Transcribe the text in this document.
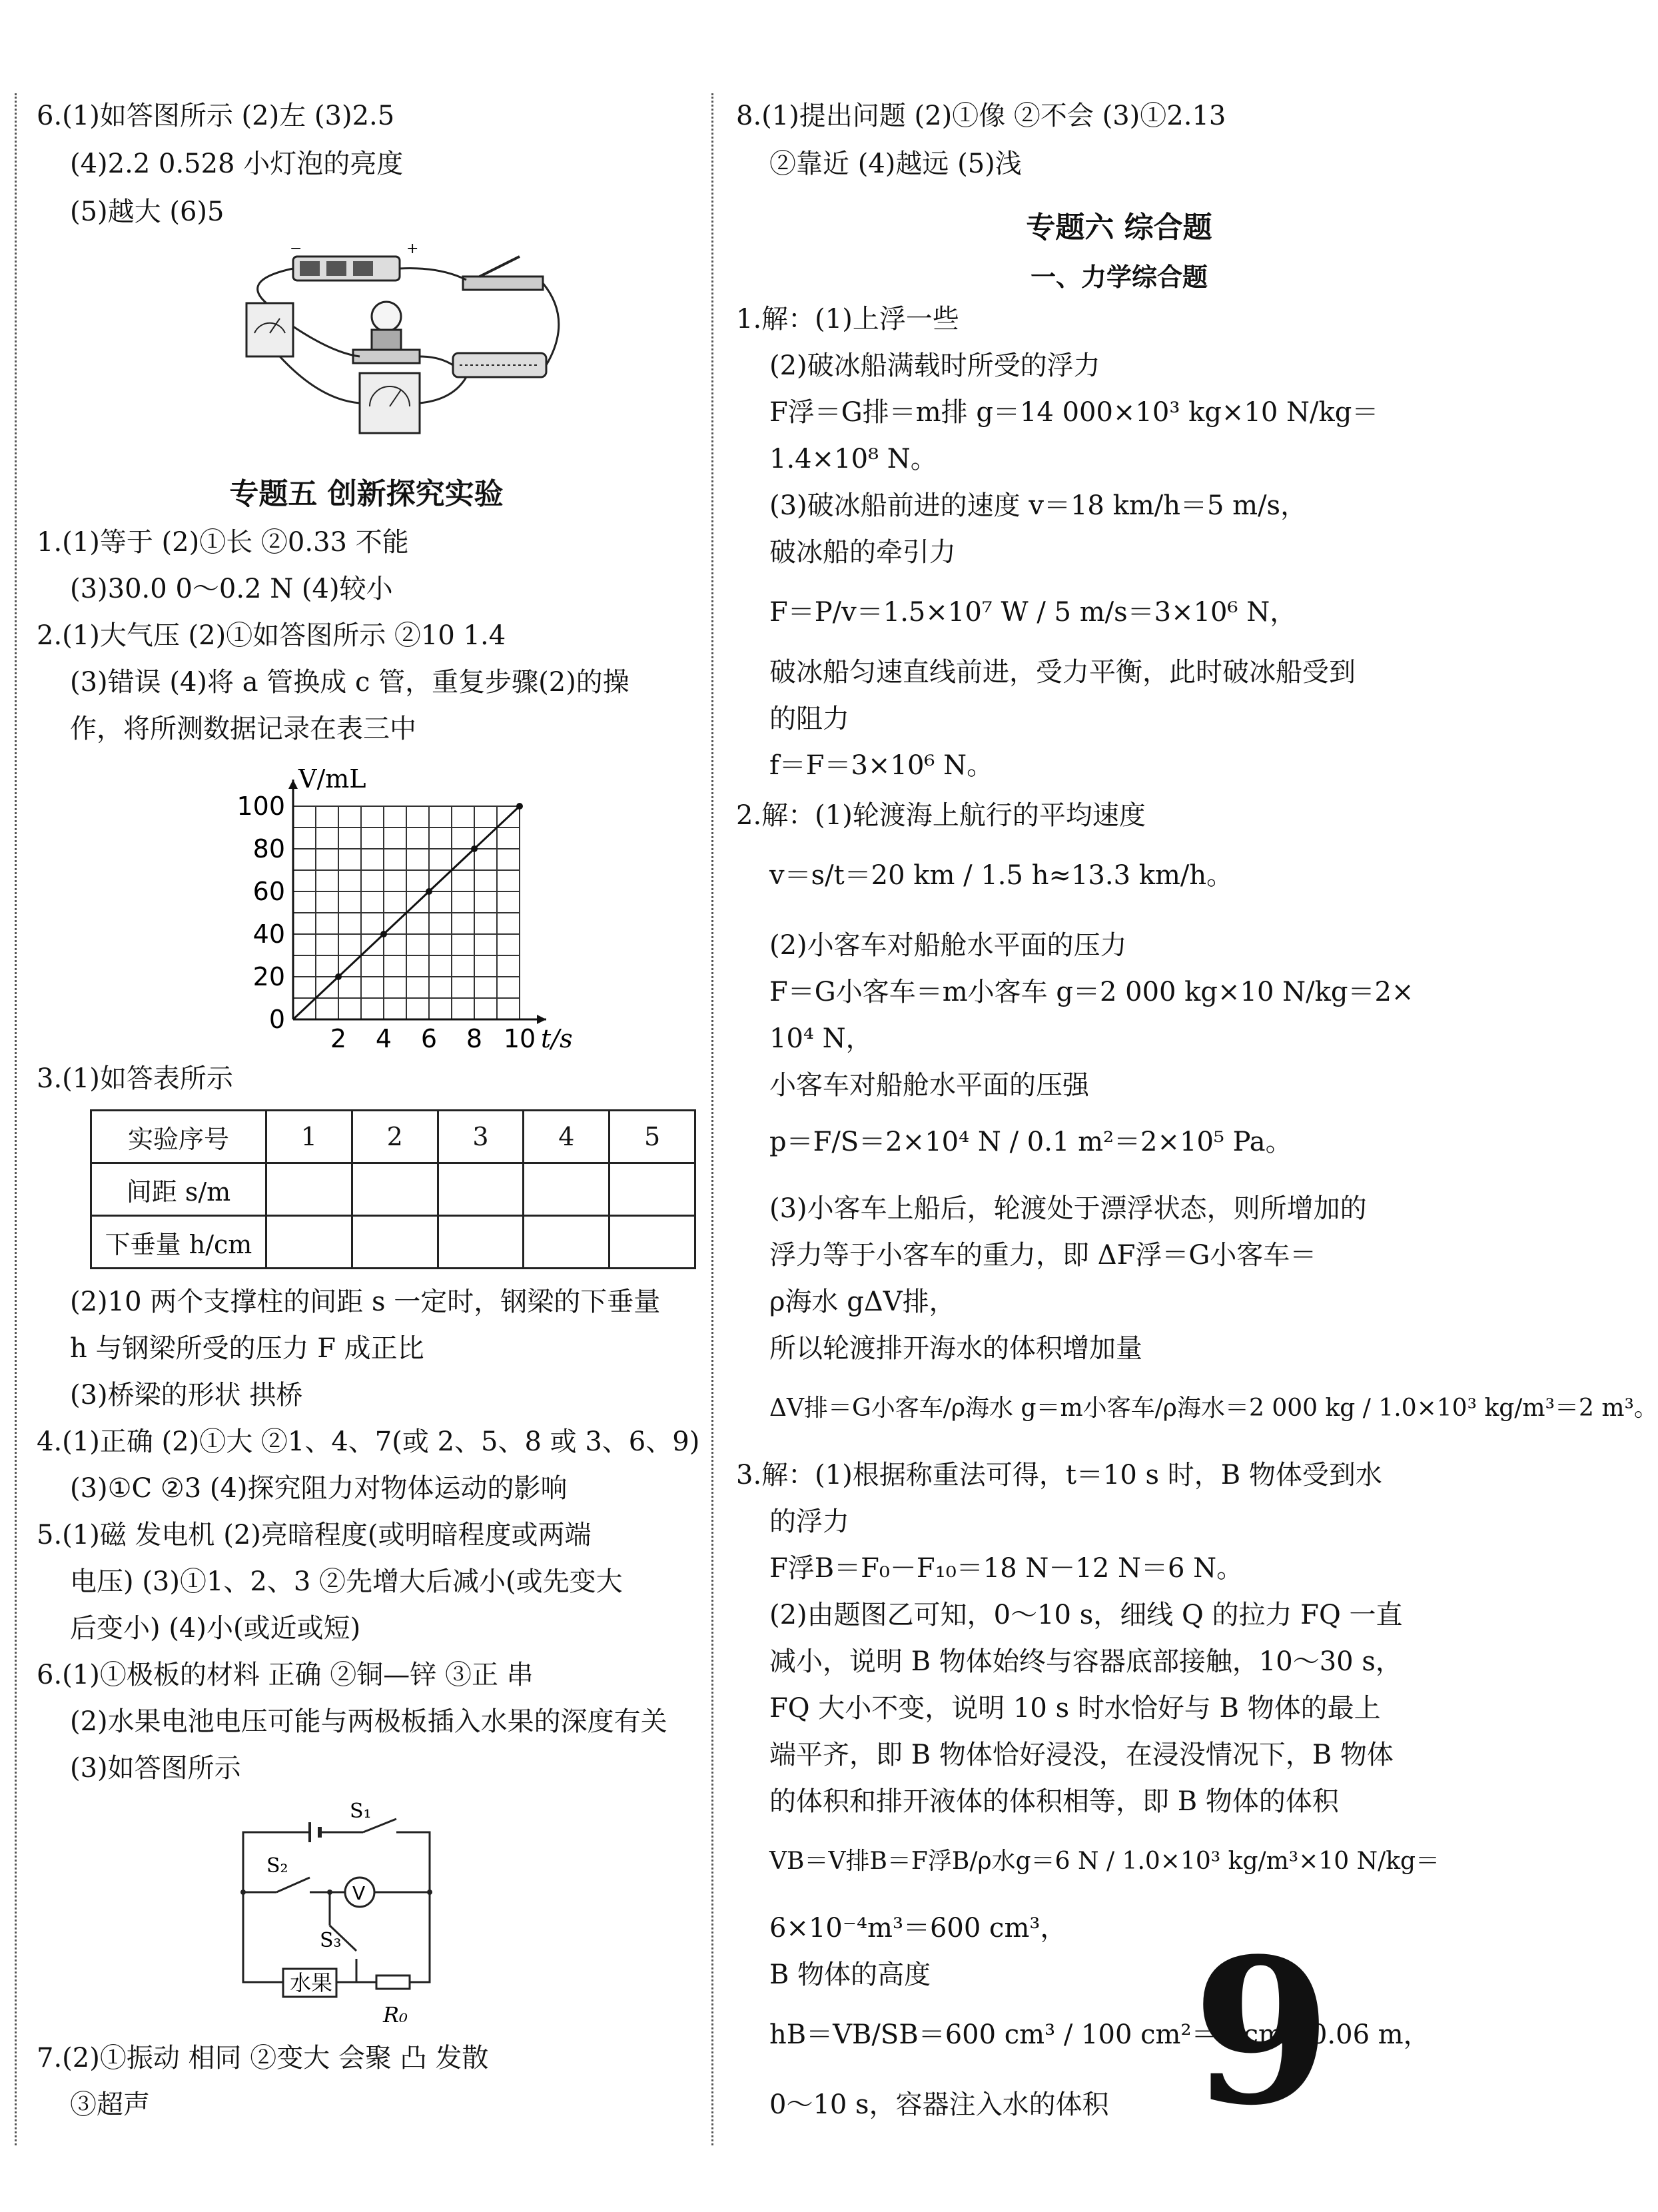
6.(1)如答图所示 (2)左 (3)2.5
(4)2.2 0.528 小灯泡的亮度
(5)越大 (6)5
−	+
专题五 创新探究实验
1.(1)等于 (2)①长 ②0.33 不能
(3)30.0 0～0.2 N (4)较小
2.(1)大气压 (2)①如答图所示 ②10 1.4
(3)错误 (4)将 a 管换成 c 管，重复步骤(2)的操
作，将所测数据记录在表三中
0
20
40
60
80
100
2 4 6 8 10
V/mL
t/s
3.(1)如答表所示
实验序号	1	2	3	4	5
间距 s/m					
下垂量 h/cm					
(2)10 两个支撑柱的间距 s 一定时，钢梁的下垂量
h 与钢梁所受的压力 F 成正比
(3)桥梁的形状 拱桥
4.(1)正确 (2)①大 ②1、4、7(或 2、5、8 或 3、6、9)
(3)①C ②3 (4)探究阻力对物体运动的影响
5.(1)磁 发电机 (2)亮暗程度(或明暗程度或两端
电压) (3)①1、2、3 ②先增大后减小(或先变大
后变小) (4)小(或近或短)
6.(1)①极板的材料 正确 ②铜—锌 ③正 串
(2)水果电池电压可能与两极板插入水果的深度有关
(3)如答图所示
S₁
S₂
S₃
V
水果
R₀
7.(2)①振动 相同 ②变大 会聚 凸 发散
③超声
8.(1)提出问题 (2)①像 ②不会 (3)①2.13
②靠近 (4)越远 (5)浅
专题六 综合题
一、力学综合题
1.解：(1)上浮一些
(2)破冰船满载时所受的浮力
F浮＝G排＝m排 g＝14 000×10³ kg×10 N/kg＝
1.4×10⁸ N。
(3)破冰船前进的速度 v＝18 km/h＝5 m/s，
破冰船的牵引力
F＝P/v＝1.5×10⁷ W / 5 m/s＝3×10⁶ N，
破冰船匀速直线前进，受力平衡，此时破冰船受到
的阻力
f＝F＝3×10⁶ N。
2.解：(1)轮渡海上航行的平均速度
v＝s/t＝20 km / 1.5 h≈13.3 km/h。
(2)小客车对船舱水平面的压力
F＝G小客车＝m小客车 g＝2 000 kg×10 N/kg＝2×
10⁴ N，
小客车对船舱水平面的压强
p＝F/S＝2×10⁴ N / 0.1 m²＝2×10⁵ Pa。
(3)小客车上船后，轮渡处于漂浮状态，则所增加的
浮力等于小客车的重力，即 ΔF浮＝G小客车＝
ρ海水 gΔV排，
所以轮渡排开海水的体积增加量
ΔV排＝G小客车/ρ海水 g＝m小客车/ρ海水＝2 000 kg / 1.0×10³ kg/m³＝2 m³。
3.解：(1)根据称重法可得，t＝10 s 时，B 物体受到水
的浮力
F浮B＝F₀－F₁₀＝18 N－12 N＝6 N。
(2)由题图乙可知，0～10 s，细线 Q 的拉力 FQ 一直
减小，说明 B 物体始终与容器底部接触，10～30 s，
FQ 大小不变，说明 10 s 时水恰好与 B 物体的最上
端平齐，即 B 物体恰好浸没，在浸没情况下，B 物体
的体积和排开液体的体积相等，即 B 物体的体积
VB＝V排B＝F浮B/ρ水g＝6 N / 1.0×10³ kg/m³×10 N/kg＝
6×10⁻⁴m³＝600 cm³，
B 物体的高度
hB＝VB/SB＝600 cm³ / 100 cm²＝6 cm＝0.06 m，
0～10 s，容器注入水的体积 9
